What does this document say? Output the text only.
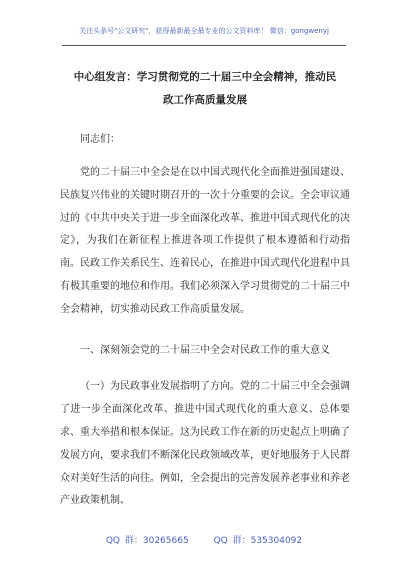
关注头条号"公文研究"，获得最新最全最专业的公文资料库！ 微信：gongwenyj
中心组发言：学习贯彻党的二十届三中全会精神，推动民
政工作高质量发展

同志们：

党的二十届三中全会是在以中国式现代化全面推进强国建设、民族复兴伟业的关键时期召开的一次十分重要的会议。全会审议通过的《中共中央关于进一步全面深化改革、推进中国式现代化的决定》，为我们在新征程上推进各项工作提供了根本遵循和行动指南。民政工作关系民生、连着民心，在推进中国式现代化进程中具有极其重要的地位和作用。我们必须深入学习贯彻党的二十届三中全会精神，切实推动民政工作高质量发展。

一、深刻领会党的二十届三中全会对民政工作的重大意义

（一）为民政事业发展指明了方向。党的二十届三中全会强调了进一步全面深化改革、推进中国式现代化的重大意义、总体要求、重大举措和根本保证。这为民政工作在新的历史起点上明确了发展方向，要求我们不断深化民政领域改革，更好地服务于人民群众对美好生活的向往。例如，全会提出的完善发展养老事业和养老产业政策机制、

QQ 群：30265665	QQ 群：535304092
